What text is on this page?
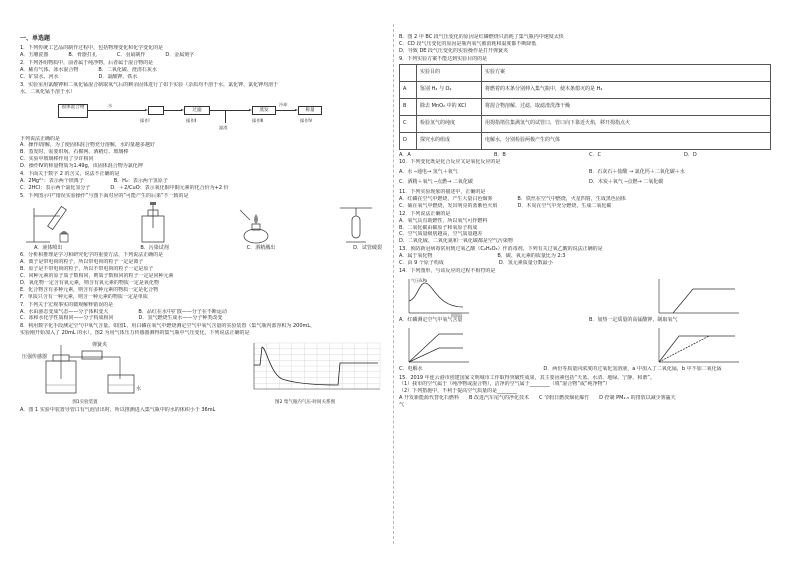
一、单选题
1．下列传统工艺品的制作过程中，包括物理变化和化学变化的是
A．玉雕瓷器　　　　B．骨器打孔　　　　C．羽扇制作　　　　D．金属刻字
2．下列各组物质中，前者属于纯净物，后者属于混合物的是
A．稀有气体、冰水混合物　　　　B．二氧化碳、澄清石灰水
C．矿泉水、河水　　　　　　　　D．氯酸钾、铁水
3．实验室用氯酸钾和二氧化锰混合制取氧气后的剩余固体进行了如下实验（杂质均不溶于水，氯化钾、氯化钾均溶于
水，二氧化锰不溶于水）
固体混合物	水
过滤	蒸发
冷却
称量
操作Ⅰ	操作Ⅱ	操作Ⅲ	操作Ⅳ
滤渣
下列说法正确的是
A．操作Ⅰ溶解，为了使固体混合物充分溶解，水的量越多越好
B．蒸发时，需要坩埚、石棉网、酒精灯、玻璃棒
C．实验中玻璃棒作用了少许相同
D．操作Ⅳ的称量物质为1.49g，该固体混合物为氯化钾
4．下面关于数字 2 的含义，说法不正确的是
A．2Mg²⁺：表示两个镁离子　　　　　　B．H₂：表示两个氢原子
C．2HCl：表示两个氯化氢分子　　　　D．＋2/CuO：表示氧化铜中铜元素的化合价为+2 价
5．下列图示中“错误实验操作”与图下面对应的“可能产生的后果”不一致的是
A．液体喷出	B．污染试剂	C．酒精溅出	D．试管破裂
6．分析和推理是学习和研究化学的重要方法，下列说法正确的是
A．离子是带电荷的粒子，所以带电荷的粒子一定是离子
B．原子是不带电荷的粒子，所以不带电荷的粒子一定是原子
C．同种元素的原子质子数相同，则质子数相同的粒子一定是同种元素
D．氧化物一定含有氧元素，则含有氧元素的物质一定是氧化物
E．化合物含有多种元素，则含有多种元素的物质一定是化合物
F．单质只含有一种元素，则含一种元素的物质一定是单质
7．下列关于宏观事实的微观解释错误的是
A．水由液态变成气态——分子体积变大　　　　　　B．品红在水中扩散——分子在不断运动
C．冰和水化学性质相同——分子构成相同　　　　　D．氢气燃烧生成水——分子种类改变
8．利用数字化手段测定空气中氧气含量。如图1，用白磷在氧气中燃烧测定空气中氧气含量的实验装置（集气瓶内部容积为 200mL，
实验刚开始加入了 20mL 的水）。图2 为用气体压力传感器测得的集气瓶中气压变化，下列说法正确的是
压强传感器
弹簧夹
水
图1实验装置	图2 集气瓶内气压-时间关系图
A．图 1 实验中装置导管口有气泡冒出时，所以推测进入集气瓶中的水的体积小于 36mL
B．图 2 中 BC 段气压变化的原因是红磷燃烧只消耗了集气瓶内中速度太快
C．CD 段气压变化的原因是瓶内氧气被消耗和温度都不断降低
D．导致 DE 段气压变化的实验操作是打开弹簧夹
9．下列实验方案不能达到实验目的的是
	实验目的	实验方案
A	鉴别 H₂ 与 O₂	将燃着的木条分别伸入集气瓶中，使木条熄灭的是 H₂
B	除去 MnO₂ 中的 KCl	将混合物溶解、过滤，取滤渣洗涤干燥
C	检验氢气的纯度	用拇指堵住集满氢气的试管口，管口向下靠近火焰，移开拇指点火
D	探究水的组成	电解水，分别检验两极产生的气体
A．A	B．B	C．C	D．D
10．下列变化既是化合反应又是氧化反应的是
A．水 ─通电→ 氢气＋氧气	B．石灰石＋盐酸 → 氯化钙＋二氧化碳＋水
C．酒精＋氧气 ─点燃→ 二氧化碳	D．木炭＋氧气 ─点燃→ 二氧化碳
11．下列实验现象的描述中，正确的是
A．红磷在空气中燃烧，产生大量白色烟雾　　　　　B．铁丝在空气中燃烧，火星四射，生成黑色固体
C．硫在氧气中燃烧，发出明亮的蓝紫色火焰　　　　D．木炭在空气中充分燃烧，生成二氧化碳
12．下列说法正确的是
A．氧气具有助燃性，所以氧气可作燃料
B．二氧化碳由碳原子和氧原子构成
C．空气质量级别越高，空气质量越差
D．二氧化硫、二氧化氮和一氧化碳都是空气污染物
13．预防新冠病毒常用到过氧乙酸（C₂H₄O₃）作消毒剂，下列有关过氧乙酸的说法正确的是
A．属于氧化物　　　　　　　　　　　　　B．碳、氧元素的质量比为 2:3
C．由 9 个原子构成　　　　　　　　　　　D．氢元素质量分数最小
14．下列图形，与该反应的过程不相符的是
时间/s
气压/kPa
A．红磷测定空气中氧气含量	B．加热一定质量的高锰酸钾，制取氧气
C．电解水	D．两份等质量同浓度的过氧化氢溶液，a 中加入了二氧化锰，b 中不加二氧化锰
15．2019 年连云港市创建国家文明城市工作取得突破性成果，其主要因素包括“天蓝、水清、地绿、宁静、和谐”。
（1）我市的空气属于（纯净物或混合物），洁净的空气属于________（填“混合物”或“纯净物”）
（2）下列措施中，不利于提高空气质量的是________
A 开发新能源代替化石燃料　　B 改进汽车尾气的净化技术　　C 节假日燃放烟花爆竹　　D 控制 PM₂.₅ 的排放以减少雾霾天
气
